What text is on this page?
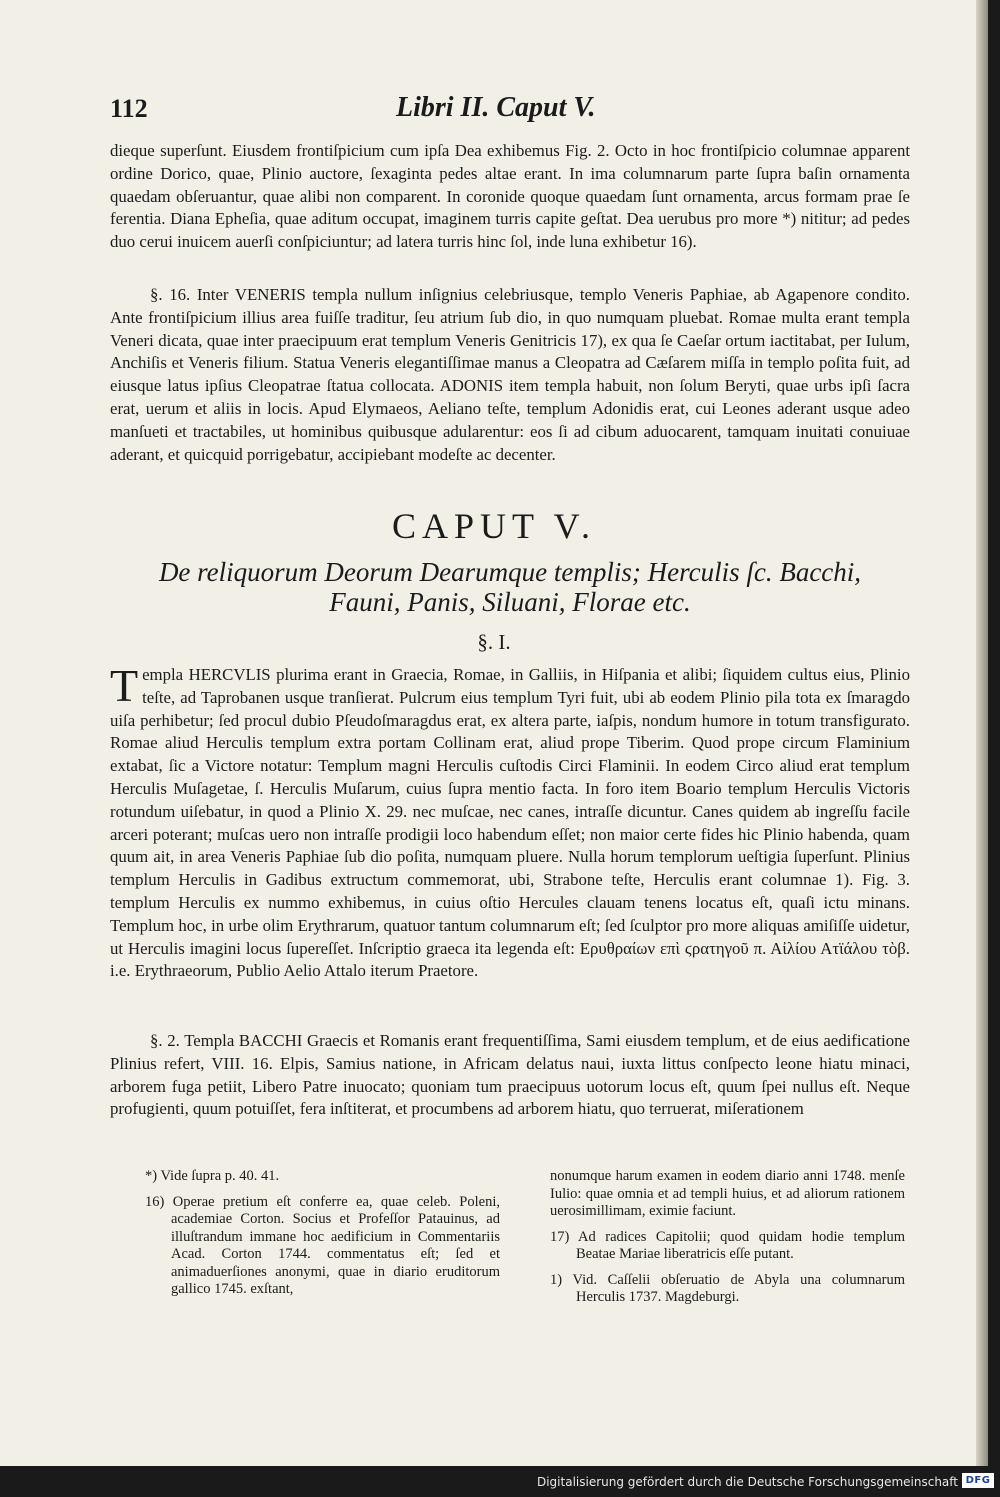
112	Libri II. Caput V.
dieque superſunt. Eiusdem frontiſpicium cum ipſa Dea exhibemus Fig. 2. Octo in hoc frontiſpicio columnae apparent ordine Dorico, quae, Plinio auctore, ſexaginta pedes altae erant. In ima columnarum parte ſupra baſin ornamenta quaedam obſeruantur, quae alibi non comparent. In coronide quoque quaedam ſunt ornamenta, arcus formam prae ſe ferentia. Diana Epheſia, quae aditum occupat, imaginem turris capite geſtat. Dea uerubus pro more *) nititur; ad pedes duo cerui inuicem auerſi conſpiciuntur; ad latera turris hinc ſol, inde luna exhibetur 16).
§. 16. Inter VENERIS templa nullum inſignius celebriusque, templo Veneris Paphiae, ab Agapenore condito. Ante frontiſpicium illius area fuiſſe traditur, ſeu atrium ſub dio, in quo numquam pluebat. Romae multa erant templa Veneri dicata, quae inter praecipuum erat templum Veneris Genitricis 17), ex qua ſe Caeſar ortum iactitabat, per Iulum, Anchiſis et Veneris filium. Statua Veneris elegantiſſimae manus a Cleopatra ad Cæſarem miſſa in templo poſita fuit, ad eiusque latus ipſius Cleopatrae ſtatua collocata. ADONIS item templa habuit, non ſolum Beryti, quae urbs ipſi ſacra erat, uerum et aliis in locis. Apud Elymaeos, Aeliano teſte, templum Adonidis erat, cui Leones aderant usque adeo manſueti et tractabiles, ut hominibus quibusque adularentur: eos ſi ad cibum aduocarent, tamquam inuitati conuiuae aderant, et quicquid porrigebatur, accipiebant modeſte ac decenter.
CAPUT V.
De reliquorum Deorum Dearumque templis; Herculis ſc. Bacchi,
Fauni, Panis, Siluani, Florae etc.
§. I.
T empla HERCVLIS plurima erant in Graecia, Romae, in Galliis, in Hiſpania et alibi; ſiquidem cultus eius, Plinio teſte, ad Taprobanen usque tranſierat. Pulcrum eius templum Tyri fuit, ubi ab eodem Plinio pila tota ex ſmaragdo uiſa perhibetur; ſed procul dubio Pſeudoſmaragdus erat, ex altera parte, iaſpis, nondum humore in totum transfigurato. Romae aliud Herculis templum extra portam Collinam erat, aliud prope Tiberim. Quod prope circum Flaminium extabat, ſic a Victore notatur: Templum magni Herculis cuſtodis Circi Flaminii. In eodem Circo aliud erat templum Herculis Muſagetae, ſ. Herculis Muſarum, cuius ſupra mentio facta. In foro item Boario templum Herculis Victoris rotundum uiſebatur, in quod a Plinio X. 29. nec muſcae, nec canes, intraſſe dicuntur. Canes quidem ab ingreſſu facile arceri poterant; muſcas uero non intraſſe prodigii loco habendum eſſet; non maior certe fides hic Plinio habenda, quam quum ait, in area Veneris Paphiae ſub dio poſita, numquam pluere. Nulla horum templorum ueſtigia ſuperſunt. Plinius templum Herculis in Gadibus extructum commemorat, ubi, Strabone teſte, Herculis erant columnae 1). Fig. 3. templum Herculis ex nummo exhibemus, in cuius oſtio Hercules clauam tenens locatus eſt, quaſi ictu minans. Templum hoc, in urbe olim Erythrarum, quatuor tantum columnarum eſt; ſed ſculptor pro more aliquas amiſiſſe uidetur, ut Herculis imagini locus ſupereſſet. Inſcriptio graeca ita legenda eſt: Ερυθραίων επὶ ϛρατηγοῦ π. Αἰλίου Ατϊάλου τὸβ. i.e. Erythraeorum, Publio Aelio Attalo iterum Praetore.
§. 2. Templa BACCHI Graecis et Romanis erant frequentiſſima, Sami eiusdem templum, et de eius aedificatione Plinius refert, VIII. 16. Elpis, Samius natione, in Africam delatus naui, iuxta littus conſpecto leone hiatu minaci, arborem fuga petiit, Libero Patre inuocato; quoniam tum praecipuus uotorum locus eſt, quum ſpei nullus eſt. Neque profugienti, quum potuiſſet, fera inſtiterat, et procumbens ad arborem hiatu, quo terruerat, miſerationem
*) Vide ſupra p. 40. 41.
16) Operae pretium eſt conferre ea, quae celeb. Poleni, academiae Corton. Socius et Profeſſor Patauinus, ad illuſtrandum immane hoc aedificium in Commentariis Acad. Corton 1744. commentatus eſt; ſed et animaduerſiones anonymi, quae in diario eruditorum gallico 1745. exſtant,
nonumque harum examen in eodem diario anni 1748. menſe Iulio: quae omnia et ad templi huius, et ad aliorum rationem uerosimillimam, eximie faciunt.
17) Ad radices Capitolii; quod quidam hodie templum Beatae Mariae liberatricis eſſe putant.
1) Vid. Caſſelii obſeruatio de Abyla una columnarum Herculis 1737. Magdeburgi.
Digitalisierung gefördert durch die Deutsche Forschungsgemeinschaft DFG
